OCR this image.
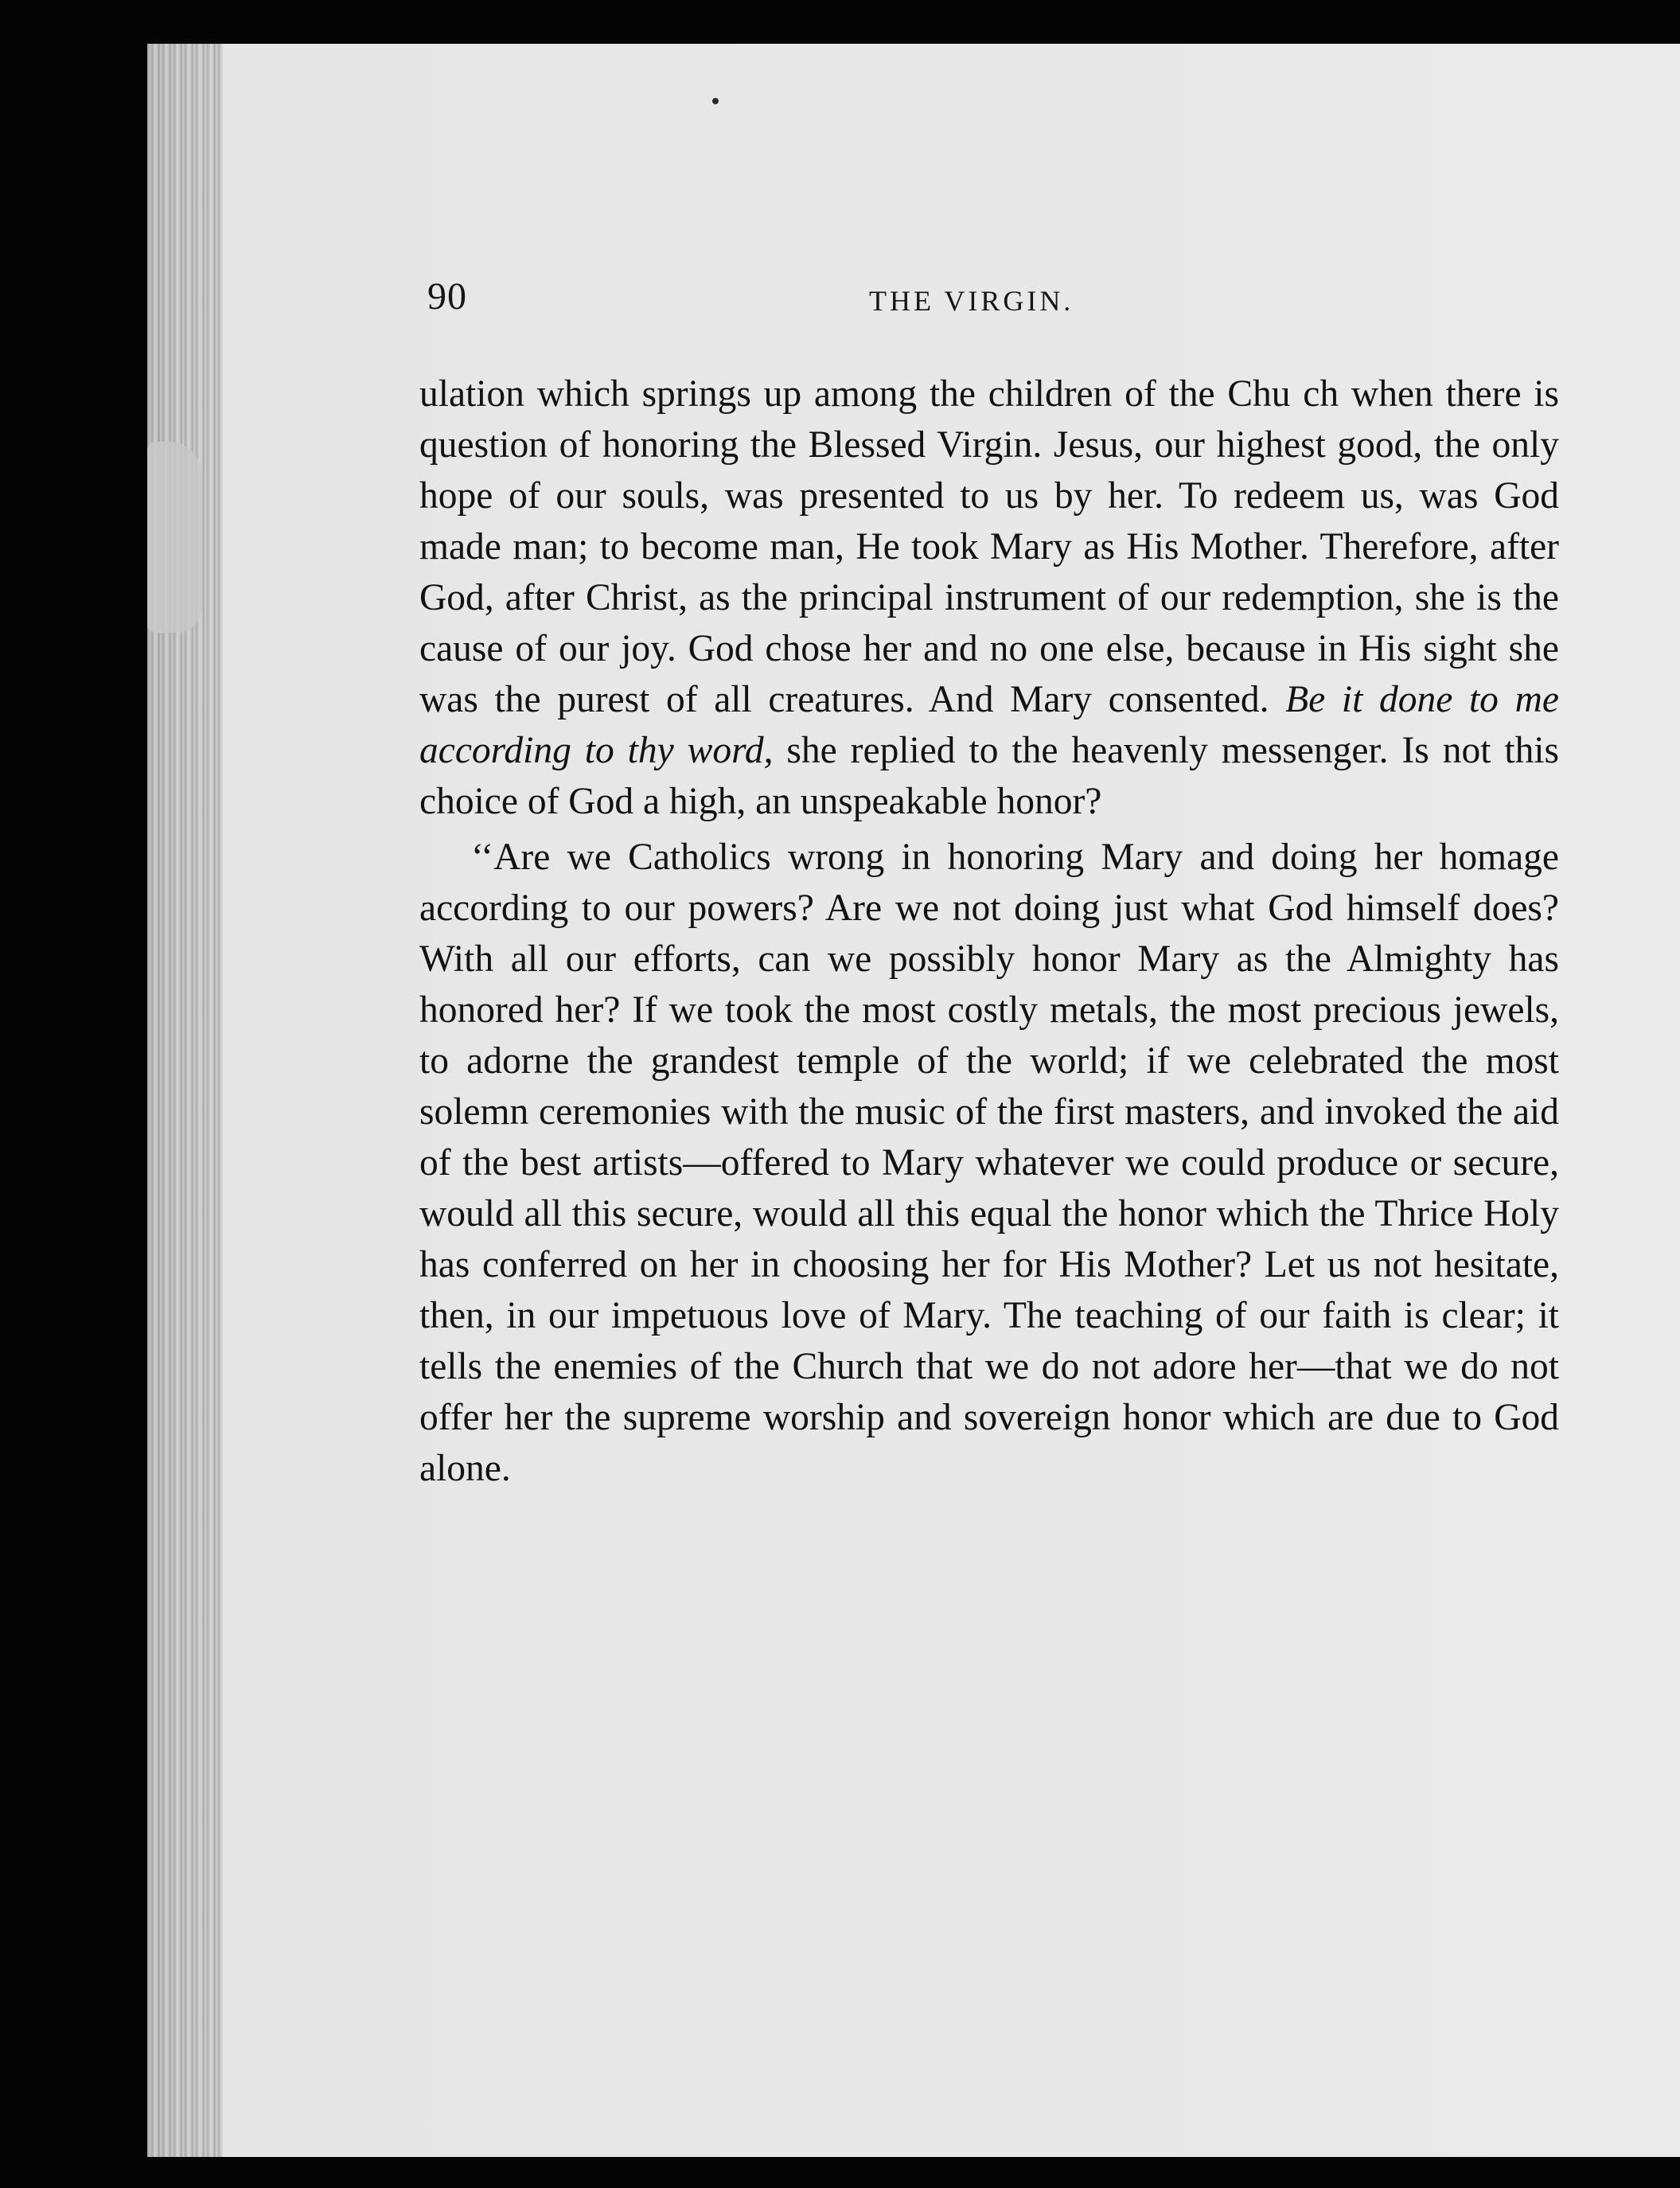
90	THE VIRGIN.

ulation which springs up among the children of the Chu ch when there is question of honoring the Blessed Virgin. Jesus, our highest good, the only hope of our souls, was presented to us by her. To redeem us, was God made man; to become man, He took Mary as His Mother. Therefore, after God, after Christ, as the principal instrument of our redemption, she is the cause of our joy. God chose her and no one else, because in His sight she was the purest of all creatures. And Mary consented. Be it done to me according to thy word, she replied to the heavenly messenger. Is not this choice of God a high, an unspeakable honor?

‘‘Are we Catholics wrong in honoring Mary and doing her homage according to our powers? Are we not doing just what God himself does? With all our efforts, can we possibly honor Mary as the Almighty has honored her? If we took the most costly metals, the most precious jewels, to adorne the grandest temple of the world; if we celebrated the most solemn ceremonies with the music of the first masters, and invoked the aid of the best artists—offered to Mary whatever we could produce or secure, would all this secure, would all this equal the honor which the Thrice Holy has conferred on her in choosing her for His Mother? Let us not hesitate, then, in our impetuous love of Mary. The teaching of our faith is clear; it tells the enemies of the Church that we do not adore her—that we do not offer her the supreme worship and sovereign honor which are due to God alone.
